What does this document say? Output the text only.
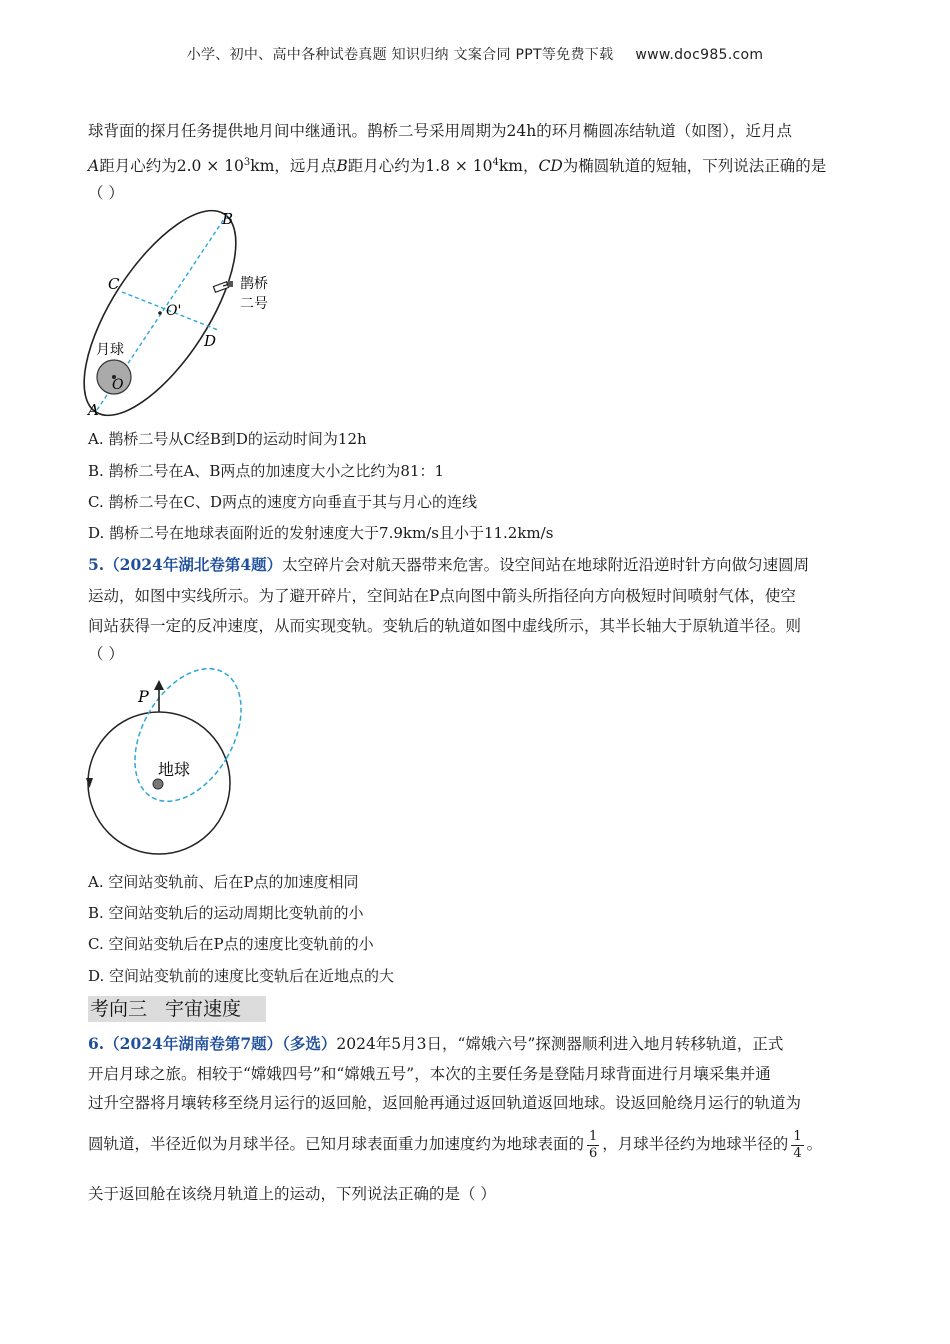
小学、初中、高中各种试卷真题 知识归纳 文案合同 PPT等免费下载 www.doc985.com
球背面的探月任务提供地月间中继通讯。鹊桥二号采用周期为24h的环月椭圆冻结轨道（如图），近月点
A距月心约为$2.0 \times 10^3km$，远月点B距月心约为$1.8 \times 10^4km$，CD为椭圆轨道的短轴，下列说法正确的是
（ ）
A
B
C
D
O'
O
月球
鹊桥
二号
A. 鹊桥二号从C经B到D的运动时间为12h
B. 鹊桥二号在A、B两点的加速度大小之比约为81：1
C. 鹊桥二号在C、D两点的速度方向垂直于其与月心的连线
D. 鹊桥二号在地球表面附近的发射速度大于7.9km/s且小于11.2km/s
5.（2024年湖北卷第4题）太空碎片会对航天器带来危害。设空间站在地球附近沿逆时针方向做匀速圆周
运动，如图中实线所示。为了避开碎片，空间站在P点向图中箭头所指径向方向极短时间喷射气体，使空
间站获得一定的反冲速度，从而实现变轨。变轨后的轨道如图中虚线所示，其半长轴大于原轨道半径。则
（ ）
P
地球
A. 空间站变轨前、后在P点的加速度相同
B. 空间站变轨后的运动周期比变轨前的小
C. 空间站变轨后在P点的速度比变轨前的小
D. 空间站变轨前的速度比变轨后在近地点的大
考向三 宇宙速度
6.（2024年湖南卷第7题）（多选）2024年5月3日，“嫦娥六号”探测器顺利进入地月转移轨道，正式
开启月球之旅。相较于“嫦娥四号”和“嫦娥五号”，本次的主要任务是登陆月球背面进行月壤采集并通
过升空器将月壤转移至绕月运行的返回舱，返回舱再通过返回轨道返回地球。设返回舱绕月运行的轨道为
圆轨道，半径近似为月球半径。已知月球表面重力加速度约为地球表面的 $\frac{1}{6}$ ，月球半径约为地球半径的 $\frac{1}{4}$ 。
关于返回舱在该绕月轨道上的运动，下列说法正确的是（ ）
